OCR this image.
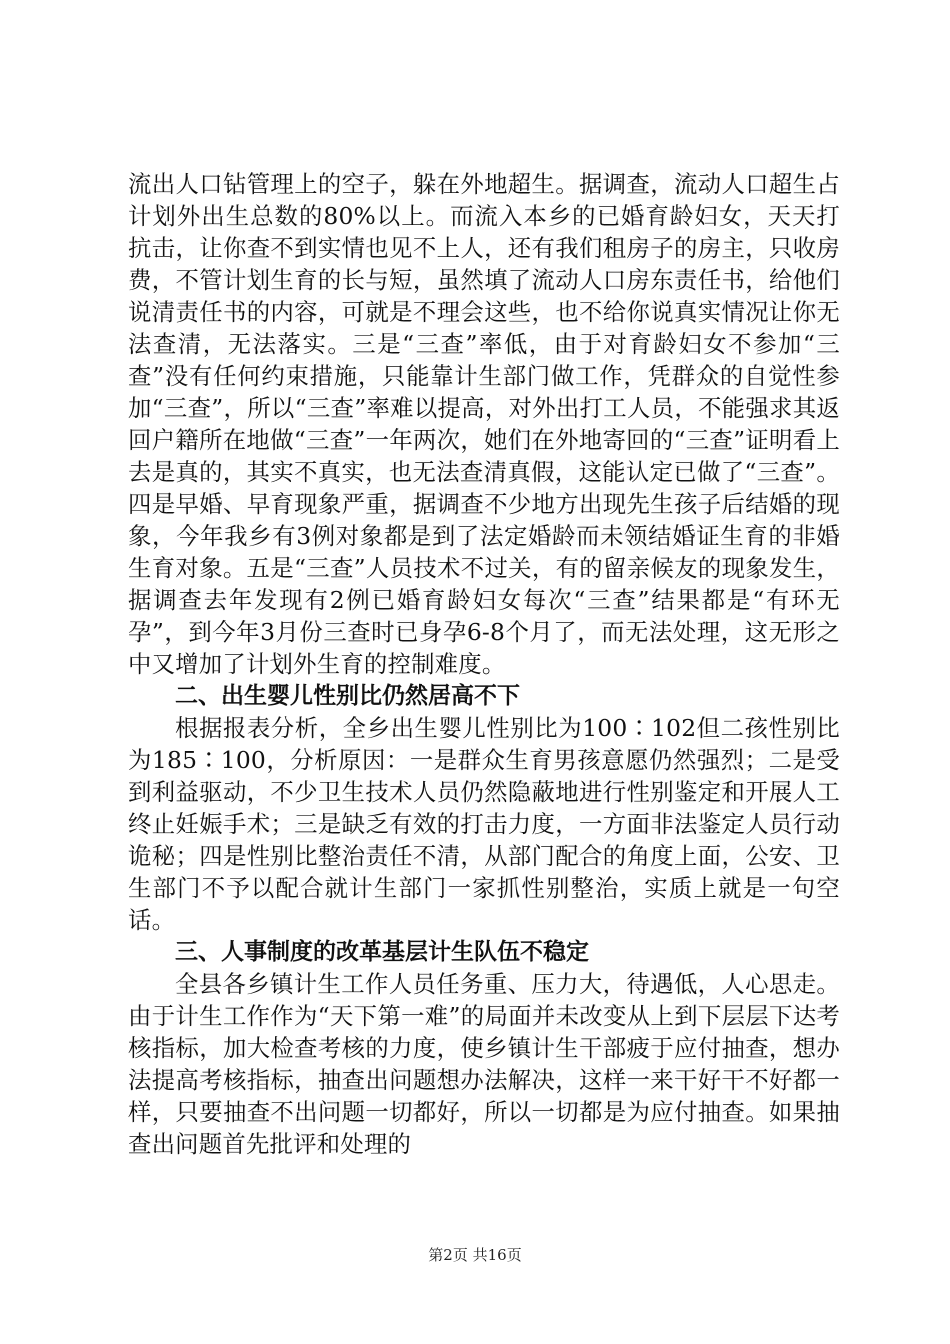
流出人口钻管理上的空子，躲在外地超生。据调查，流动人口超生占计划外出生总数的80%以上。而流入本乡的已婚育龄妇女，天天打抗击，让你查不到实情也见不上人，还有我们租房子的房主，只收房费，不管计划生育的长与短，虽然填了流动人口房东责任书，给他们说清责任书的内容，可就是不理会这些，也不给你说真实情况让你无法查清，无法落实。三是“三查”率低，由于对育龄妇女不参加“三查”没有任何约束措施，只能靠计生部门做工作，凭群众的自觉性参加“三查”，所以“三查”率难以提高，对外出打工人员，不能强求其返回户籍所在地做“三查”一年两次，她们在外地寄回的“三查”证明看上去是真的，其实不真实，也无法查清真假，这能认定已做了“三查”。四是早婚、早育现象严重，据调查不少地方出现先生孩子后结婚的现象，今年我乡有3例对象都是到了法定婚龄而未领结婚证生育的非婚生育对象。五是“三查”人员技术不过关，有的留亲候友的现象发生，据调查去年发现有2例已婚育龄妇女每次“三查”结果都是“有环无孕”，到今年3月份三查时已身孕6-8个月了，而无法处理，这无形之中又增加了计划外生育的控制难度。

二、出生婴儿性别比仍然居高不下

根据报表分析，全乡出生婴儿性别比为100∶102但二孩性别比为185∶100，分析原因：一是群众生育男孩意愿仍然强烈；二是受到利益驱动，不少卫生技术人员仍然隐蔽地进行性别鉴定和开展人工终止妊娠手术；三是缺乏有效的打击力度，一方面非法鉴定人员行动诡秘；四是性别比整治责任不清，从部门配合的角度上面，公安、卫生部门不予以配合就计生部门一家抓性别整治，实质上就是一句空话。

三、人事制度的改革基层计生队伍不稳定

全县各乡镇计生工作人员任务重、压力大，待遇低，人心思走。由于计生工作作为“天下第一难”的局面并未改变从上到下层层下达考核指标，加大检查考核的力度，使乡镇计生干部疲于应付抽查，想办法提高考核指标，抽查出问题想办法解决，这样一来干好干不好都一样，只要抽查不出问题一切都好，所以一切都是为应付抽查。如果抽查出问题首先批评和处理的

第2页 共16页
